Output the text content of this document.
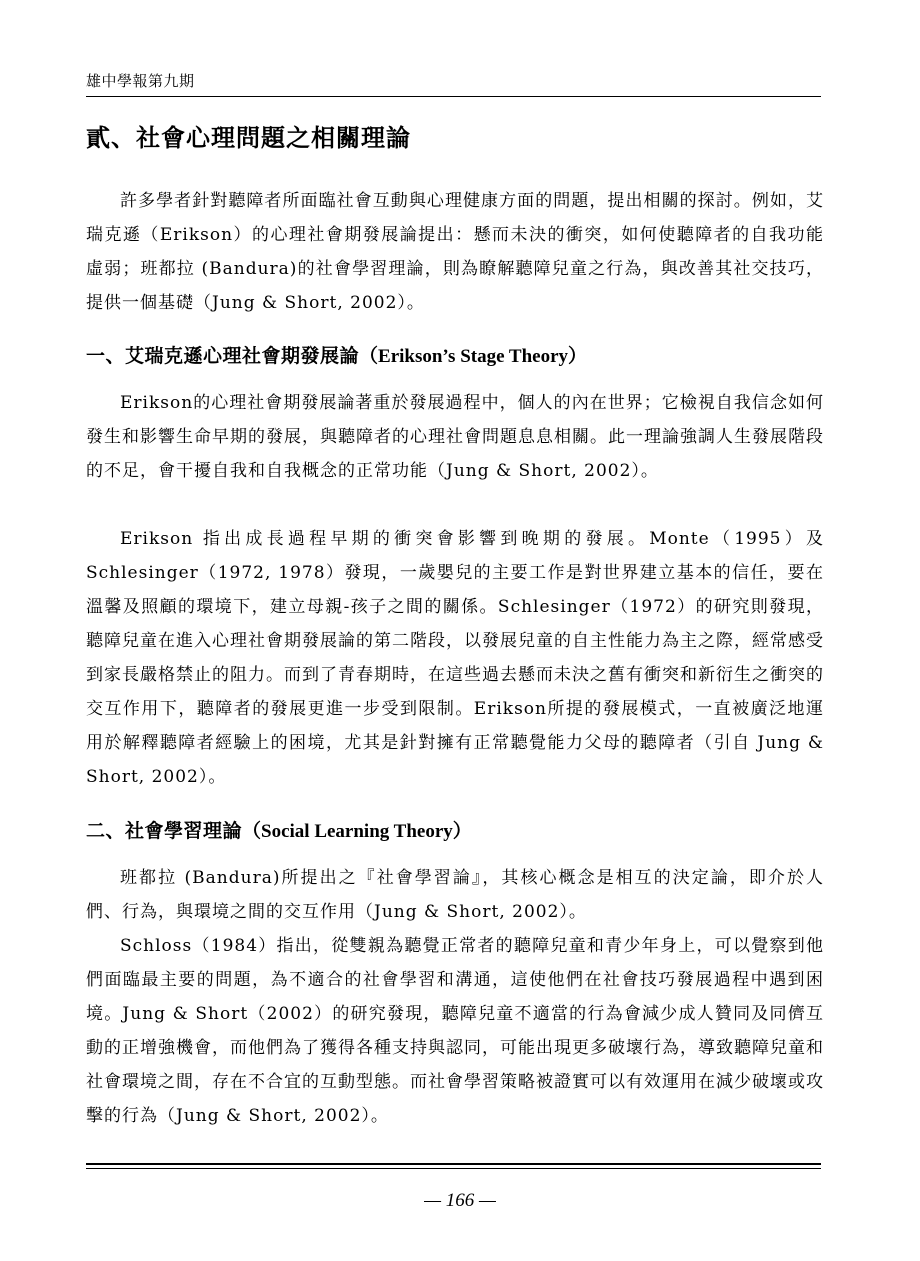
雄中學報第九期
貳、社會心理問題之相關理論

許多學者針對聽障者所面臨社會互動與心理健康方面的問題，提出相關的探討。例如，艾瑞克遜（Erikson）的心理社會期發展論提出：懸而未決的衝突，如何使聽障者的自我功能虛弱；班都拉 (Bandura)的社會學習理論，則為瞭解聽障兒童之行為，與改善其社交技巧，提供一個基礎（Jung & Short, 2002）。

一、艾瑞克遜心理社會期發展論（Erikson’s Stage Theory）

Erikson的心理社會期發展論著重於發展過程中，個人的內在世界；它檢視自我信念如何發生和影響生命早期的發展，與聽障者的心理社會問題息息相關。此一理論強調人生發展階段的不足，會干擾自我和自我概念的正常功能（Jung & Short, 2002）。

Erikson 指出成長過程早期的衝突會影響到晚期的發展。Monte（1995）及Schlesinger（1972, 1978）發現，一歲嬰兒的主要工作是對世界建立基本的信任，要在溫馨及照顧的環境下，建立母親-孩子之間的關係。Schlesinger（1972）的研究則發現，聽障兒童在進入心理社會期發展論的第二階段，以發展兒童的自主性能力為主之際，經常感受到家長嚴格禁止的阻力。而到了青春期時，在這些過去懸而未決之舊有衝突和新衍生之衝突的交互作用下，聽障者的發展更進一步受到限制。Erikson所提的發展模式，一直被廣泛地運用於解釋聽障者經驗上的困境，尤其是針對擁有正常聽覺能力父母的聽障者（引自 Jung & Short, 2002）。

二、社會學習理論（Social Learning Theory）

班都拉 (Bandura)所提出之『社會學習論』，其核心概念是相互的決定論，即介於人們、行為，與環境之間的交互作用（Jung & Short, 2002）。

Schloss（1984）指出，從雙親為聽覺正常者的聽障兒童和青少年身上，可以覺察到他們面臨最主要的問題，為不適合的社會學習和溝通，這使他們在社會技巧發展過程中遇到困境。Jung & Short（2002）的研究發現，聽障兒童不適當的行為會減少成人贊同及同儕互動的正增強機會，而他們為了獲得各種支持與認同，可能出現更多破壞行為，導致聽障兒童和社會環境之間，存在不合宜的互動型態。而社會學習策略被證實可以有效運用在減少破壞或攻擊的行為（Jung & Short, 2002）。

— 166 —
